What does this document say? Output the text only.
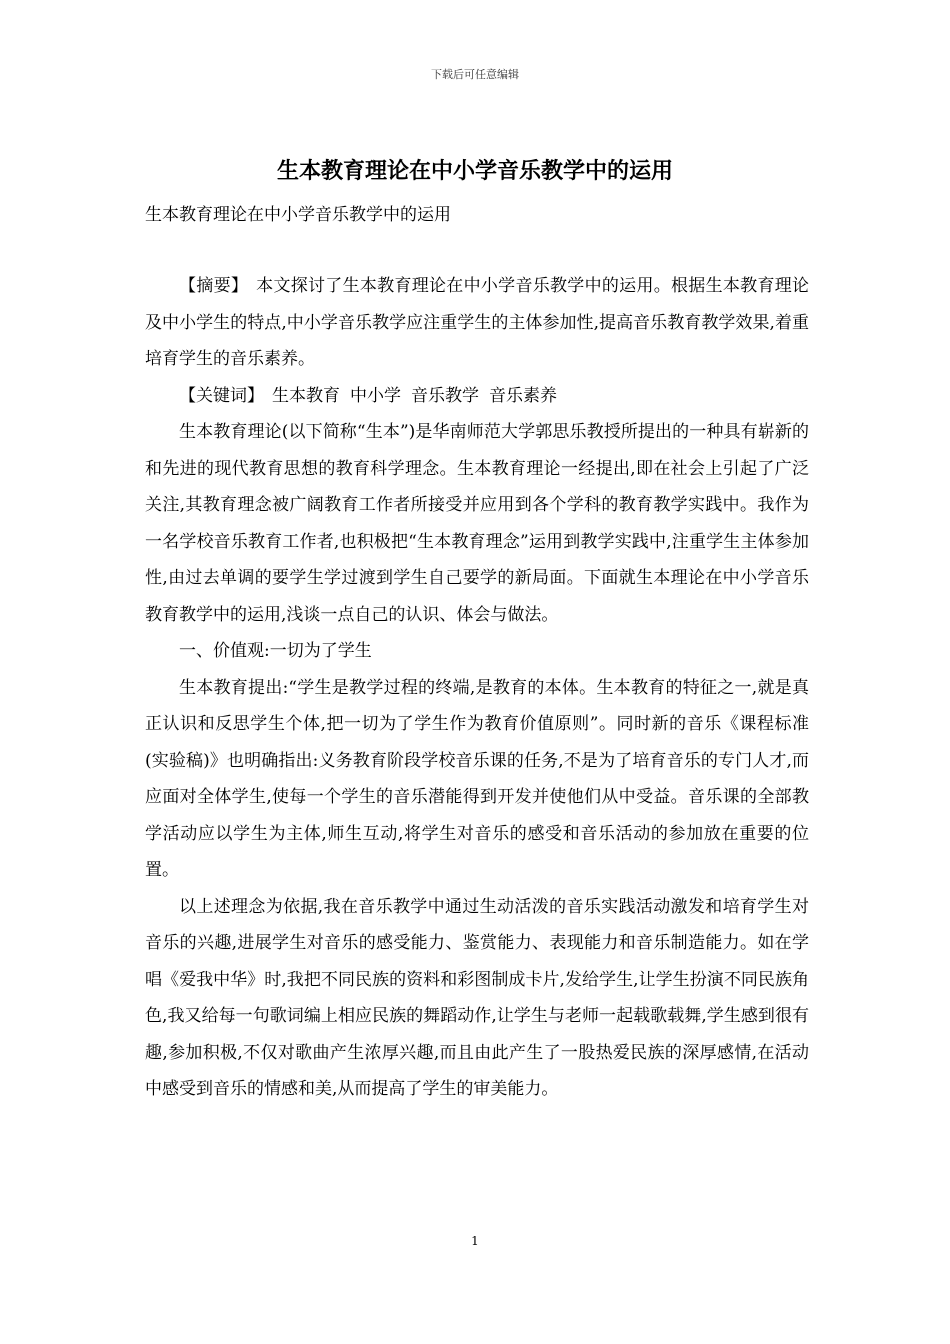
下载后可任意编辑
生本教育理论在中小学音乐教学中的运用
生本教育理论在中小学音乐教学中的运用

【摘要】 本文探讨了生本教育理论在中小学音乐教学中的运用。根据生本教育理论及中小学生的特点,中小学音乐教学应注重学生的主体参加性,提高音乐教育教学效果,着重培育学生的音乐素养。

【关键词】 生本教育 中小学 音乐教学 音乐素养

生本教育理论(以下简称“生本”)是华南师范大学郭思乐教授所提出的一种具有崭新的和先进的现代教育思想的教育科学理念。生本教育理论一经提出,即在社会上引起了广泛关注,其教育理念被广阔教育工作者所接受并应用到各个学科的教育教学实践中。我作为一名学校音乐教育工作者,也积极把“生本教育理念”运用到教学实践中,注重学生主体参加性,由过去单调的要学生学过渡到学生自己要学的新局面。下面就生本理论在中小学音乐教育教学中的运用,浅谈一点自己的认识、体会与做法。

一、价值观:一切为了学生

生本教育提出:“学生是教学过程的终端,是教育的本体。生本教育的特征之一,就是真正认识和反思学生个体,把一切为了学生作为教育价值原则”。同时新的音乐《课程标准(实验稿)》也明确指出:义务教育阶段学校音乐课的任务,不是为了培育音乐的专门人才,而应面对全体学生,使每一个学生的音乐潜能得到开发并使他们从中受益。音乐课的全部教学活动应以学生为主体,师生互动,将学生对音乐的感受和音乐活动的参加放在重要的位置。

以上述理念为依据,我在音乐教学中通过生动活泼的音乐实践活动激发和培育学生对音乐的兴趣,进展学生对音乐的感受能力、鉴赏能力、表现能力和音乐制造能力。如在学唱《爱我中华》时,我把不同民族的资料和彩图制成卡片,发给学生,让学生扮演不同民族角色,我又给每一句歌词编上相应民族的舞蹈动作,让学生与老师一起载歌载舞,学生感到很有趣,参加积极,不仅对歌曲产生浓厚兴趣,而且由此产生了一股热爱民族的深厚感情,在活动中感受到音乐的情感和美,从而提高了学生的审美能力。

1
